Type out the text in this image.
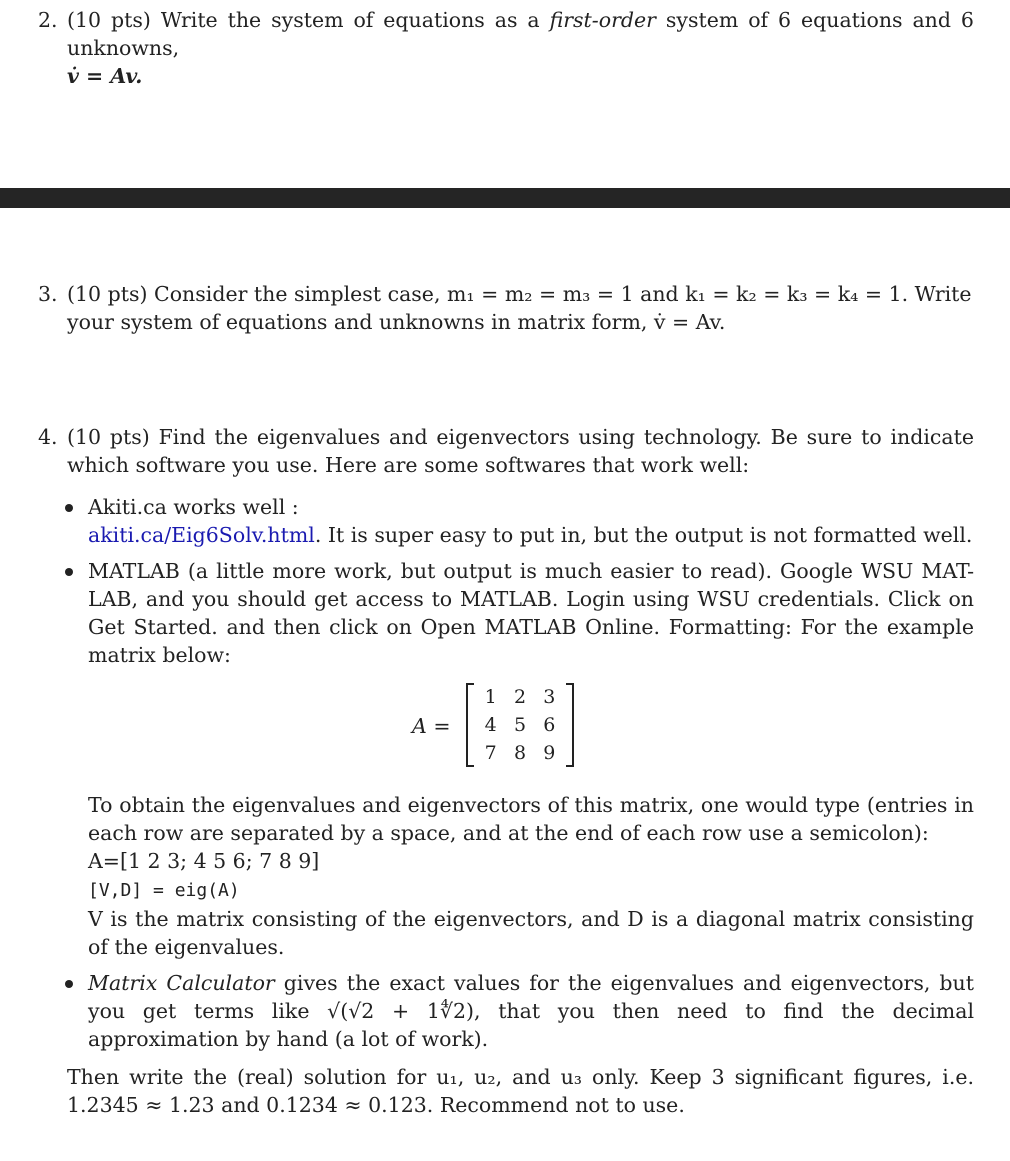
2. (10 pts) Write the system of equations as a first-order system of 6 equations and 6 unknowns,
v̇ = Av.
3. (10 pts) Consider the simplest case, m₁ = m₂ = m₃ = 1 and k₁ = k₂ = k₃ = k₄ = 1. Write
your system of equations and unknowns in matrix form, v̇ = Av.
4. (10 pts) Find the eigenvalues and eigenvectors using technology. Be sure to indicate which software you use. Here are some softwares that work well:
Akiti.ca works well :
akiti.ca/Eig6Solv.html. It is super easy to put in, but the output is not formatted well.
MATLAB (a little more work, but output is much easier to read). Google WSU MAT-LAB, and you should get access to MATLAB. Login using WSU credentials. Click on Get Started. and then click on Open MATLAB Online. Formatting: For the example matrix below:
A =
1 2 3
4 5 6
7 8 9
To obtain the eigenvalues and eigenvectors of this matrix, one would type (entries in each row are separated by a space, and at the end of each row use a semicolon):
A=[1 2 3; 4 5 6; 7 8 9]
[V,D] = eig(A)
V is the matrix consisting of the eigenvectors, and D is a diagonal matrix consisting of the eigenvalues.
Matrix Calculator gives the exact values for the eigenvalues and eigenvectors, but you get terms like √(√2 + 1∜2), that you then need to find the decimal approximation by hand (a lot of work).
Then write the (real) solution for u₁, u₂, and u₃ only. Keep 3 significant figures, i.e. 1.2345 ≈ 1.23 and 0.1234 ≈ 0.123. Recommend not to use.
